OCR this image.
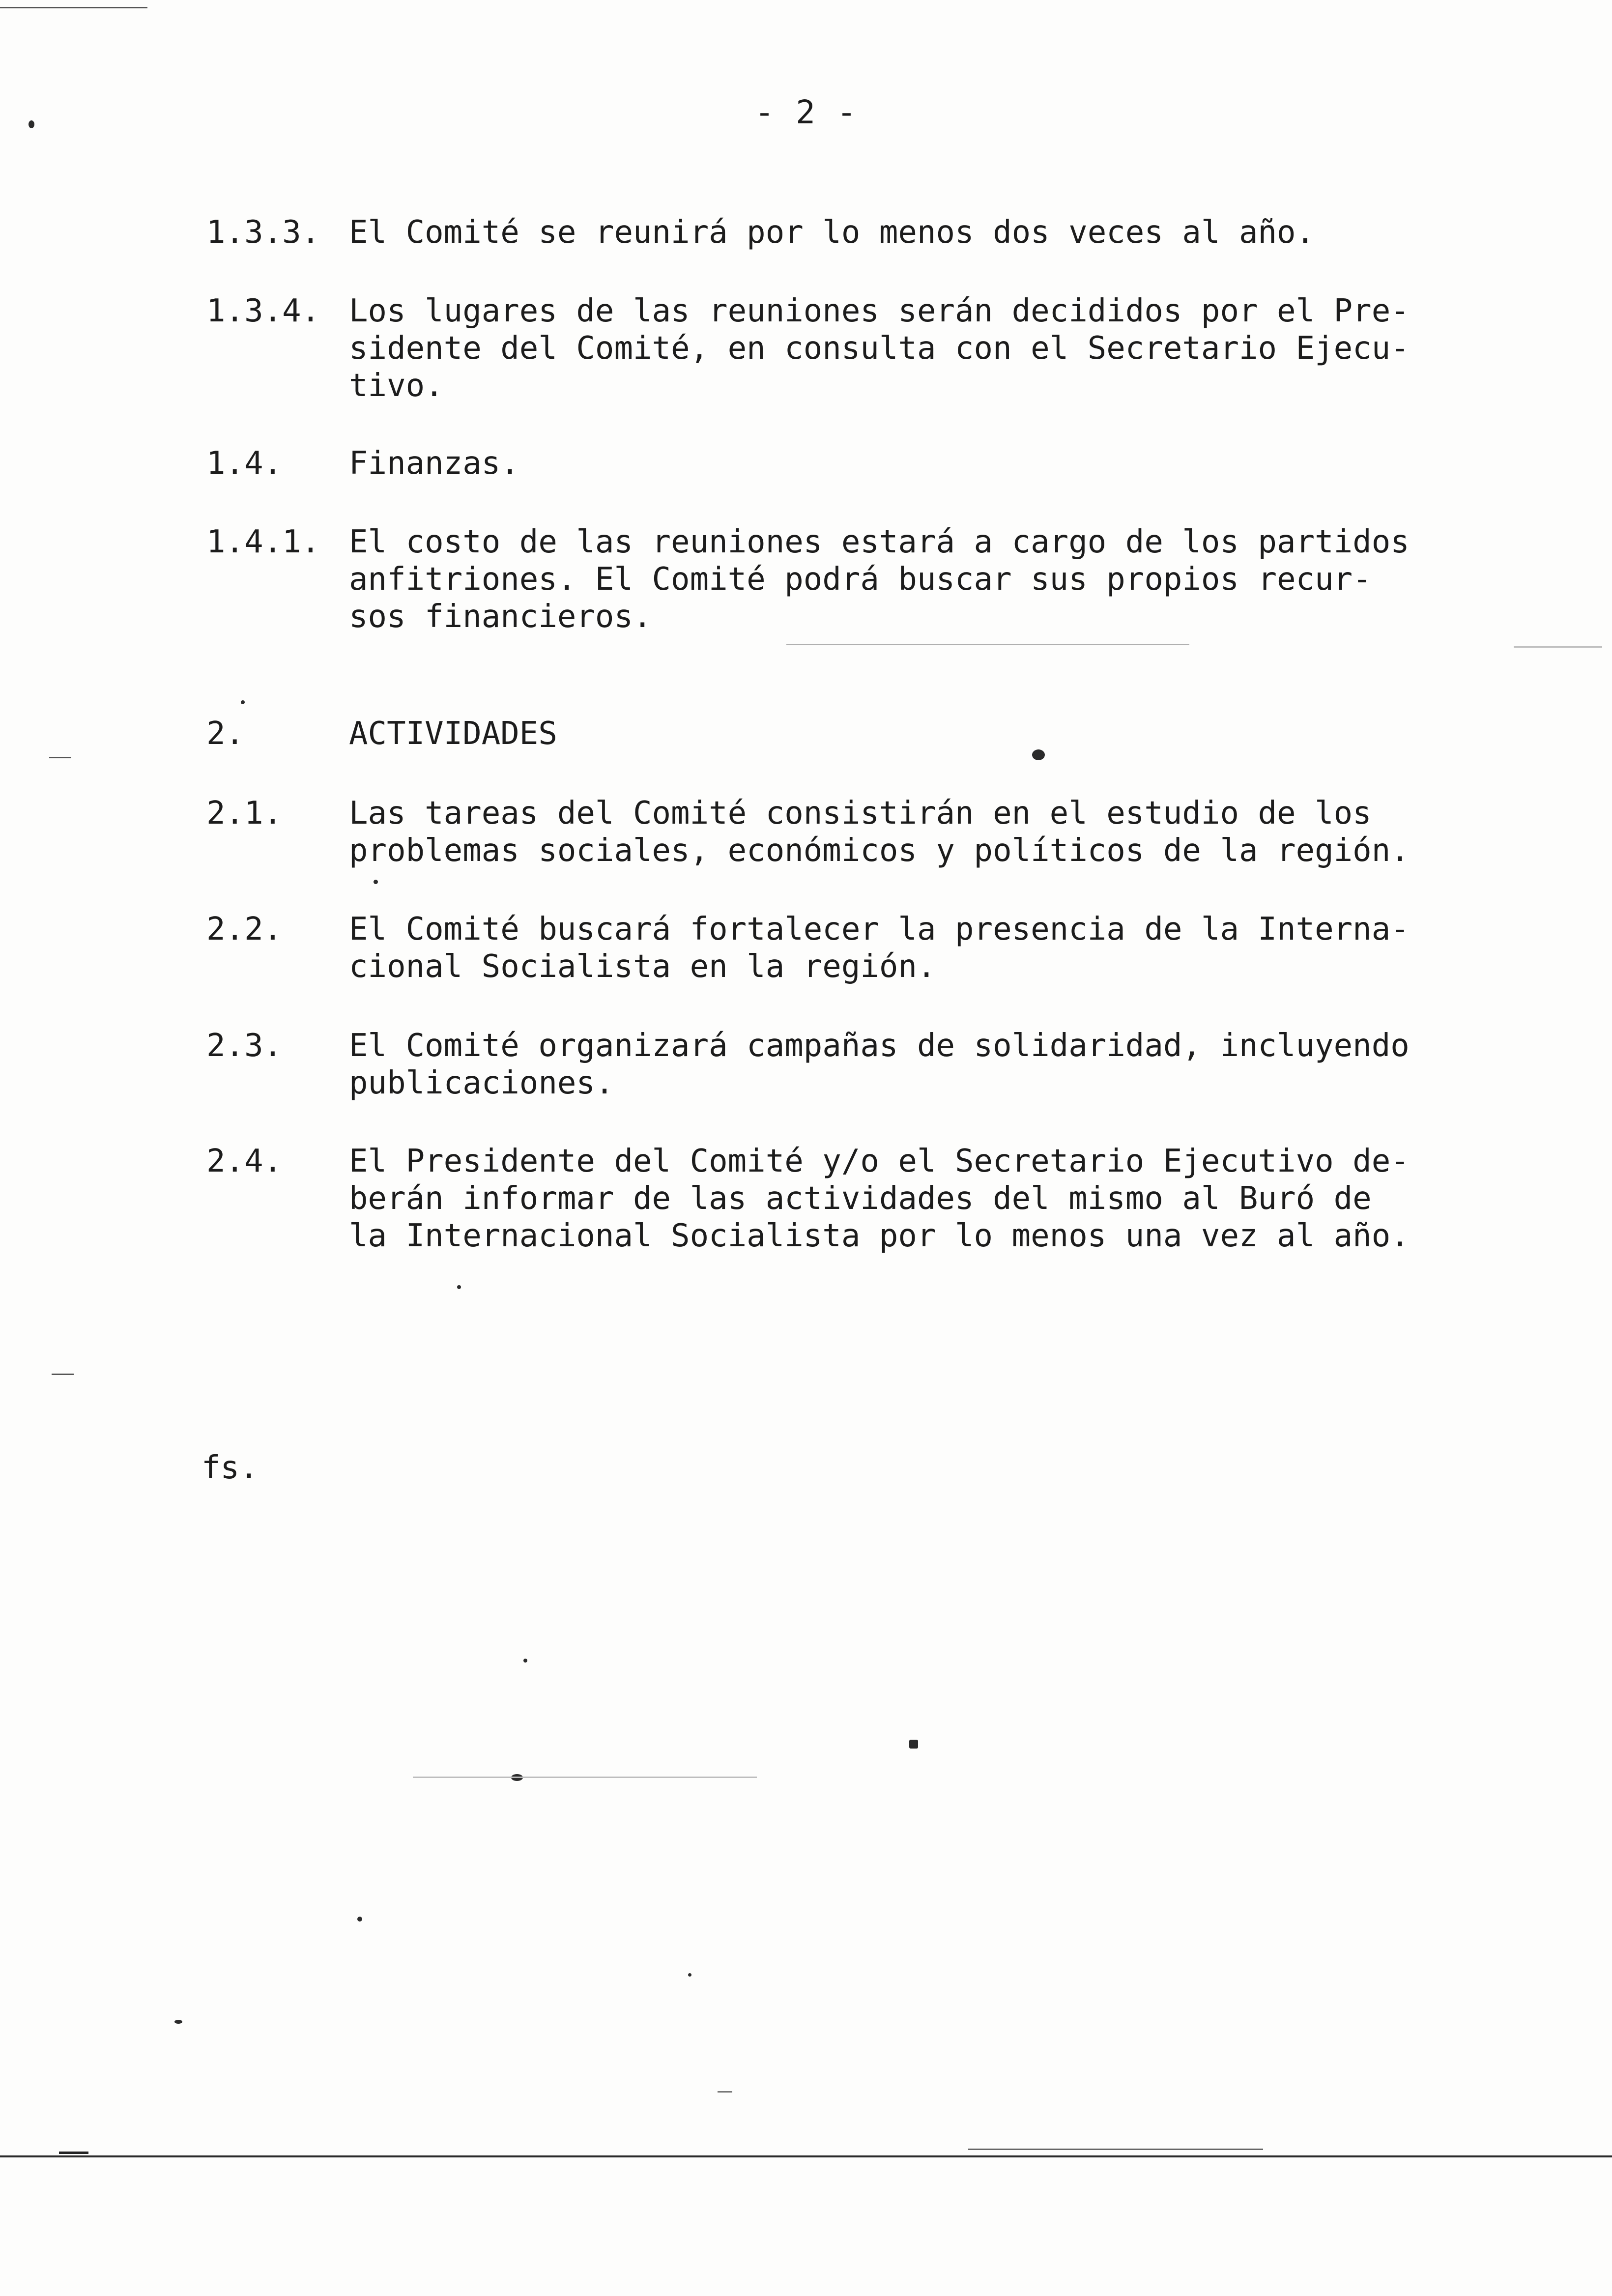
- 2 -
1.3.3. El Comité se reunirá por lo menos dos veces al año.
1.3.4. Los lugares de las reuniones serán decididos por el Pre-
sidente del Comité, en consulta con el Secretario Ejecu-
tivo.
1.4. Finanzas.
1.4.1. El costo de las reuniones estará a cargo de los partidos
anfitriones. El Comité podrá buscar sus propios recur-
sos financieros.
2.	ACTIVIDADES
2.1. Las tareas del Comité consistirán en el estudio de los
problemas sociales, económicos y políticos de la región.
2.2. El Comité buscará fortalecer la presencia de la Interna-
cional Socialista en la región.
2.3. El Comité organizará campañas de solidaridad, incluyendo
publicaciones.
2.4. El Presidente del Comité y/o el Secretario Ejecutivo de-
berán informar de las actividades del mismo al Buró de
la Internacional Socialista por lo menos una vez al año.
fs.
